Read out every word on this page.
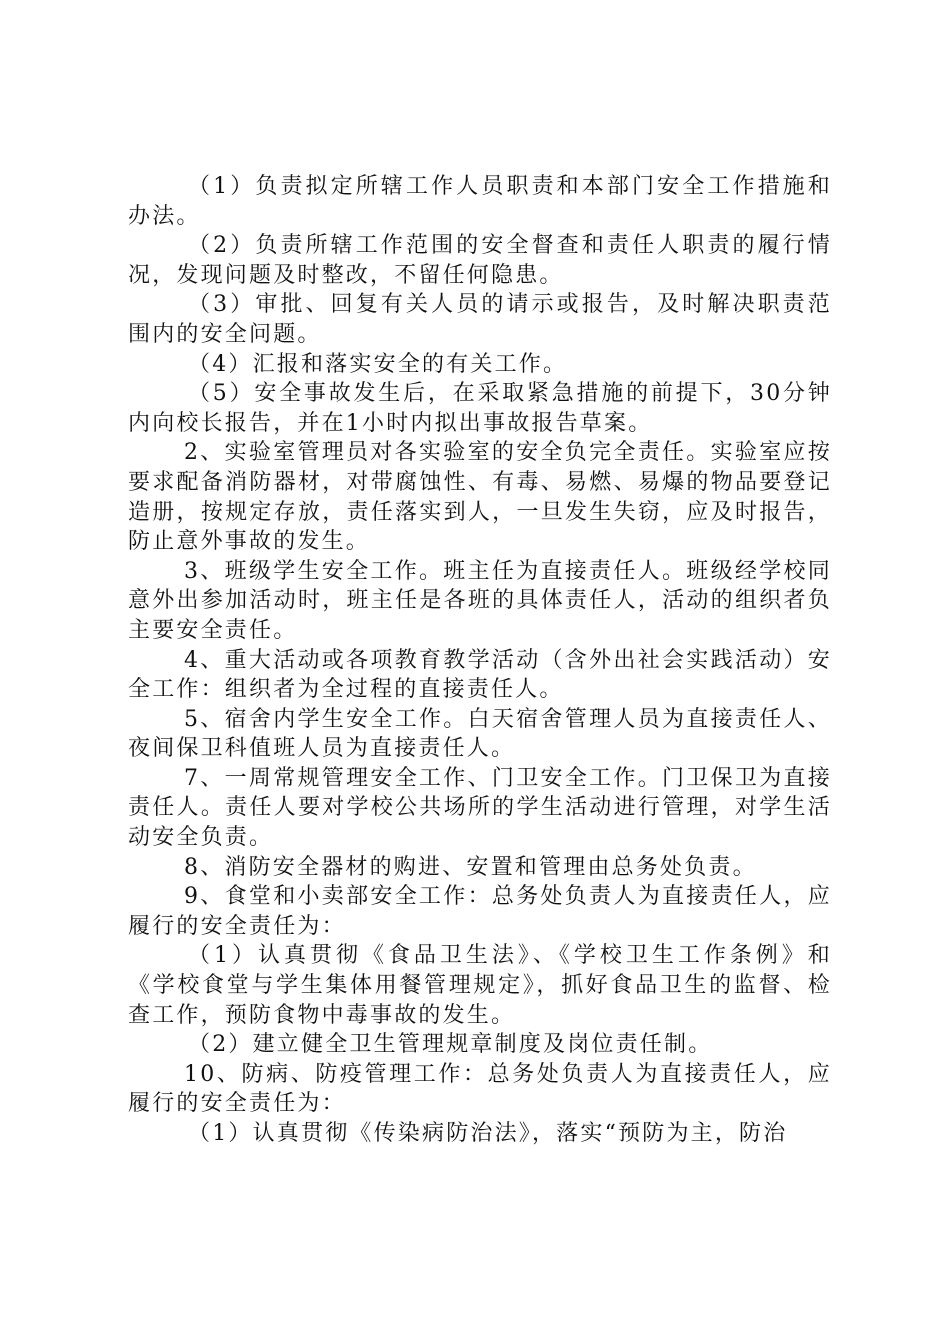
（1）负责拟定所辖工作人员职责和本部门安全工作措施和办法。

（2）负责所辖工作范围的安全督查和责任人职责的履行情况，发现问题及时整改，不留任何隐患。

（3）审批、回复有关人员的请示或报告，及时解决职责范围内的安全问题。

（4）汇报和落实安全的有关工作。

（5）安全事故发生后，在采取紧急措施的前提下，30分钟内向校长报告，并在1小时内拟出事故报告草案。

2、实验室管理员对各实验室的安全负完全责任。实验室应按要求配备消防器材，对带腐蚀性、有毒、易燃、易爆的物品要登记造册，按规定存放，责任落实到人，一旦发生失窃，应及时报告，防止意外事故的发生。

3、班级学生安全工作。班主任为直接责任人。班级经学校同意外出参加活动时，班主任是各班的具体责任人，活动的组织者负主要安全责任。

4、重大活动或各项教育教学活动（含外出社会实践活动）安全工作：组织者为全过程的直接责任人。

5、宿舍内学生安全工作。白天宿舍管理人员为直接责任人、夜间保卫科值班人员为直接责任人。

7、一周常规管理安全工作、门卫安全工作。门卫保卫为直接责任人。责任人要对学校公共场所的学生活动进行管理，对学生活动安全负责。

8、消防安全器材的购进、安置和管理由总务处负责。

9、食堂和小卖部安全工作：总务处负责人为直接责任人，应履行的安全责任为：

（1）认真贯彻《食品卫生法》、《学校卫生工作条例》和《学校食堂与学生集体用餐管理规定》，抓好食品卫生的监督、检查工作，预防食物中毒事故的发生。

（2）建立健全卫生管理规章制度及岗位责任制。

10、防病、防疫管理工作：总务处负责人为直接责任人，应履行的安全责任为：

（1）认真贯彻《传染病防治法》，落实“预防为主，防治
